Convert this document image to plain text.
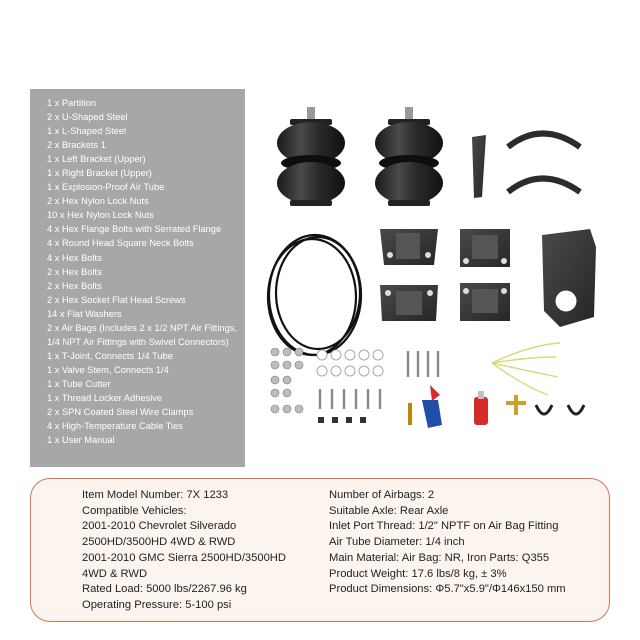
1 x Partition
2 x U-Shaped Steel
1 x L-Shaped Steel
2 x Brackets 1
1 x Left Bracket (Upper)
1 x Right Bracket (Upper)
1 x Explosion-Proof Air Tube
2 x Hex Nylon Lock Nuts
10 x Hex Nylon Lock Nuts
4 x Hex Flange Bolts with Serrated Flange
4 x Round Head Square Neck Bolts
4 x Hex Bolts
2 x Hex Bolts
2 x Hex Bolts
2 x Hex Socket Flat Head Screws
14 x Flat Washers
2 x Air Bags (Includes 2 x 1/2 NPT Air Fittings, 1/4 NPT Air Fittings with Swivel Connectors)
1 x T-Joint, Connects 1/4 Tube
1 x Valve Stem, Connects 1/4
1 x Tube Cutter
1 x Thread Locker Adhesive
2 x SPN Coated Steel Wire Clamps
4 x High-Temperature Cable Ties
1 x User Manual
Item Model Number: 7X 1233
Compatible Vehicles:
2001-2010 Chevrolet Silverado
2500HD/3500HD 4WD & RWD
2001-2010 GMC Sierra 2500HD/3500HD
4WD & RWD
Rated Load: 5000 lbs/2267.96 kg
Operating Pressure: 5-100 psi
Number of Airbags: 2
Suitable Axle: Rear Axle
Inlet Port Thread: 1/2" NPTF on Air Bag Fitting
Air Tube Diameter: 1/4 inch
Main Material: Air Bag: NR, Iron Parts: Q355
Product Weight: 17.6 lbs/8 kg, ± 3%
Product Dimensions: Φ5.7"x5.9"/Φ146x150 mm
